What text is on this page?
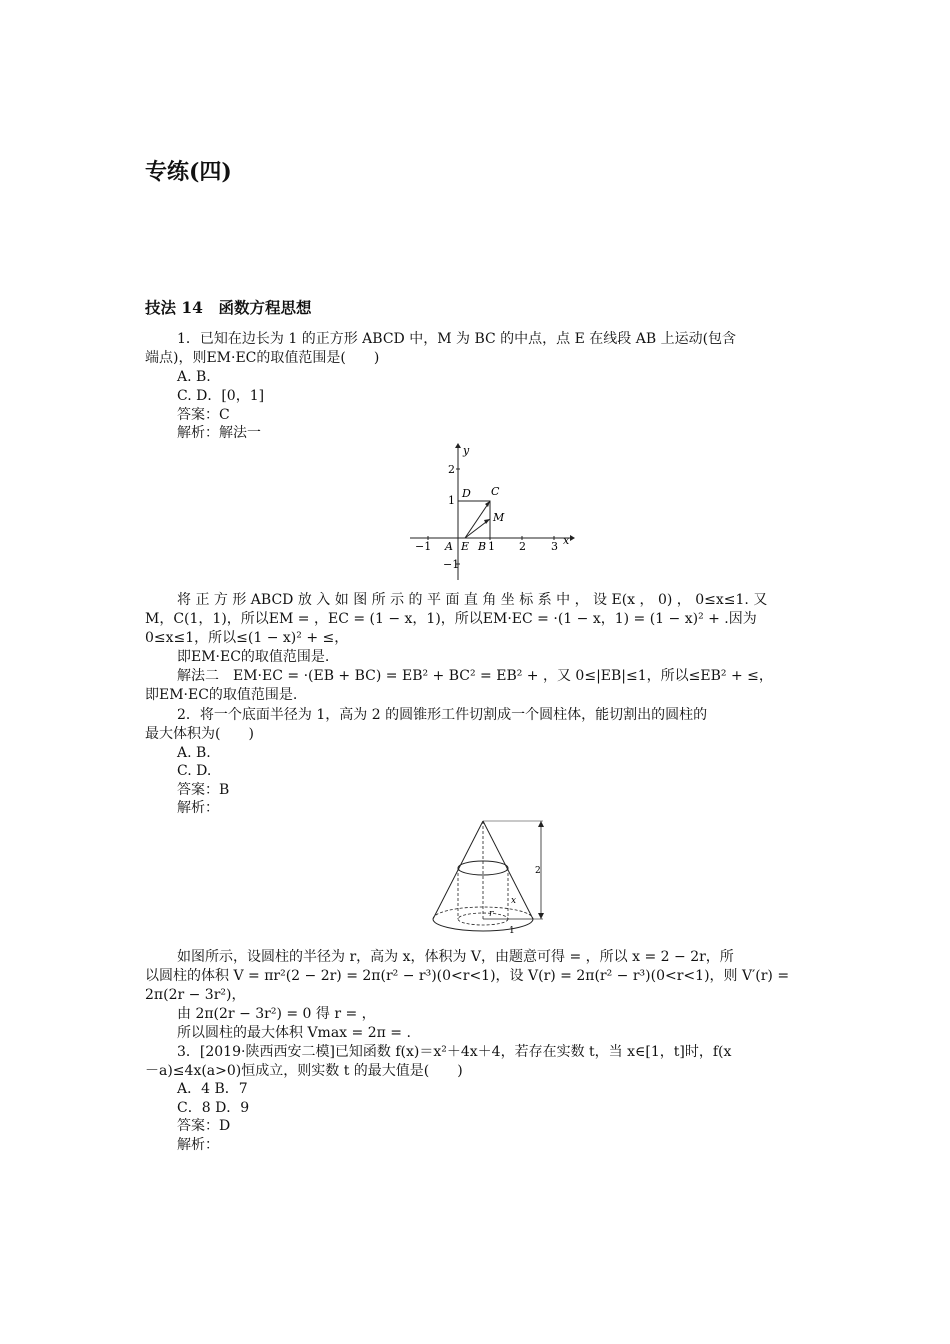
专练(四)
技法 14　函数方程思想
1．已知在边长为 1 的正方形 ABCD 中，M 为 BC 的中点，点 E 在线段 AB 上运动(包含
端点)，则EM·EC的取值范围是(　　)
A. B.
C. D．[0，1]
答案：C
解析：解法一
y
x
2
1
−1
−1 A E B 1 2 3
D C
M
将 正 方 形 ABCD 放 入 如 图 所 示 的 平 面 直 角 坐 标 系 中 ， 设 E(x ， 0) ， 0≤x≤1. 又
M，C(1，1)，所以EM = ，EC = (1 − x，1)，所以EM·EC = ·(1 − x，1) = (1 − x)² + .因为
0≤x≤1，所以≤(1 − x)² + ≤，
即EM·EC的取值范围是.
解法二　EM·EC = ·(EB + BC) = EB² + BC² = EB² + ，又 0≤|EB|≤1，所以≤EB² + ≤，
即EM·EC的取值范围是.
2．将一个底面半径为 1，高为 2 的圆锥形工件切割成一个圆柱体，能切割出的圆柱的
最大体积为(　　)
A. B.
C. D.
答案：B
解析：
2
x
r
1
如图所示，设圆柱的半径为 r，高为 x，体积为 V，由题意可得 = ，所以 x = 2 − 2r，所
以圆柱的体积 V = πr²(2 − 2r) = 2π(r² − r³)(0<r<1)，设 V(r) = 2π(r² − r³)(0<r<1)，则 V′(r) =
2π(2r − 3r²)，
由 2π(2r − 3r²) = 0 得 r = ，
所以圆柱的最大体积 Vmax = 2π = .
3．[2019·陕西西安二模]已知函数 f(x)＝x²＋4x＋4，若存在实数 t，当 x∈[1，t]时，f(x
－a)≤4x(a>0)恒成立，则实数 t 的最大值是(　　)
A．4 B．7
C．8 D．9
答案：D
解析：
